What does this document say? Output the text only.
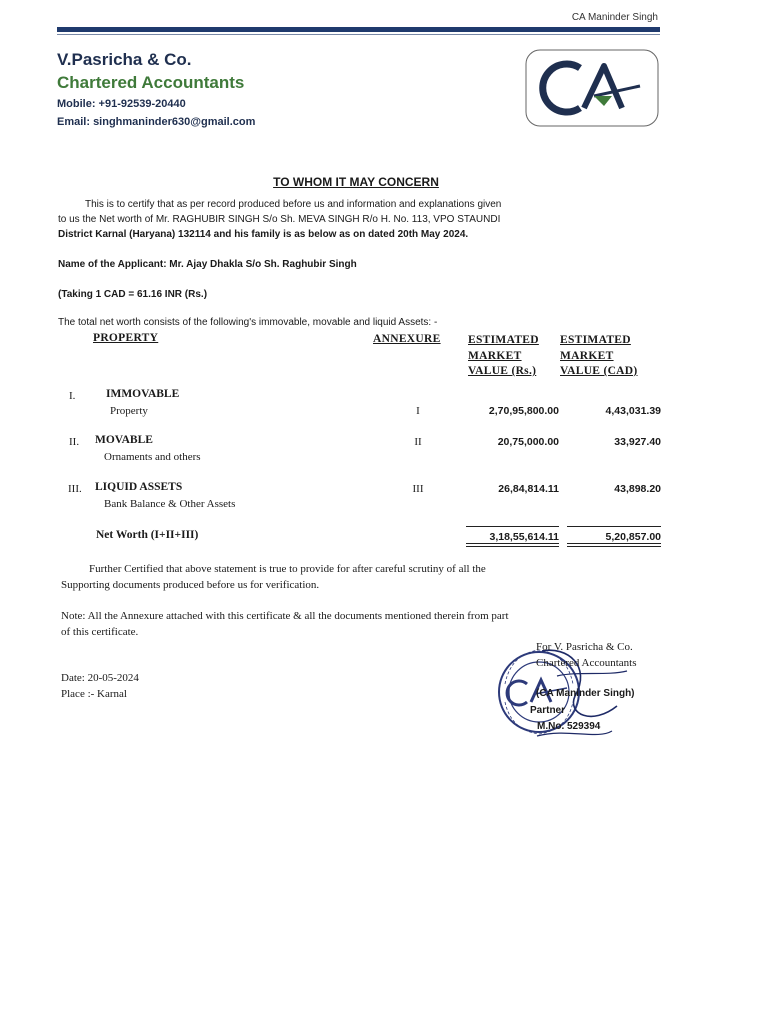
CA Maninder Singh
V.Pasricha & Co.
Chartered Accountants
Mobile: +91-92539-20440
Email: singhmaninder630@gmail.com
TO WHOM IT MAY CONCERN
This is to certify that as per record produced before us and information and explanations given
to us the Net worth of Mr. RAGHUBIR SINGH S/o Sh. MEVA SINGH R/o H. No. 113, VPO STAUNDI
District Karnal (Haryana) 132114 and his family is as below as on dated 20th May 2024.
Name of the Applicant: Mr. Ajay Dhakla S/o Sh. Raghubir Singh
(Taking 1 CAD = 61.16 INR (Rs.)
The total net worth consists of the following's immovable, movable and liquid Assets: -
PROPERTY	ANNEXURE ESTIMATED
MARKET
VALUE (Rs.)
ESTIMATED
MARKET
VALUE (CAD)
I.	IMMOVABLE
Property	I	2,70,95,800.00	4,43,031.39
II. MOVABLE
Ornaments and others
II	20,75,000.00	33,927.40
III. LIQUID ASSETS
Bank Balance & Other Assets
III	26,84,814.11	43,898.20
Net Worth (I+II+III)	3,18,55,614.11	5,20,857.00
Further Certified that above statement is true to provide for after careful scrutiny of all the
Supporting documents produced before us for verification.
Note: All the Annexure attached with this certificate & all the documents mentioned therein from part
of this certificate.
Date: 20-05-2024
Place :- Karnal
For V. Pasricha & Co.
Chartered Accountants
(CA Maninder Singh)
Partner
M.No. 529394
